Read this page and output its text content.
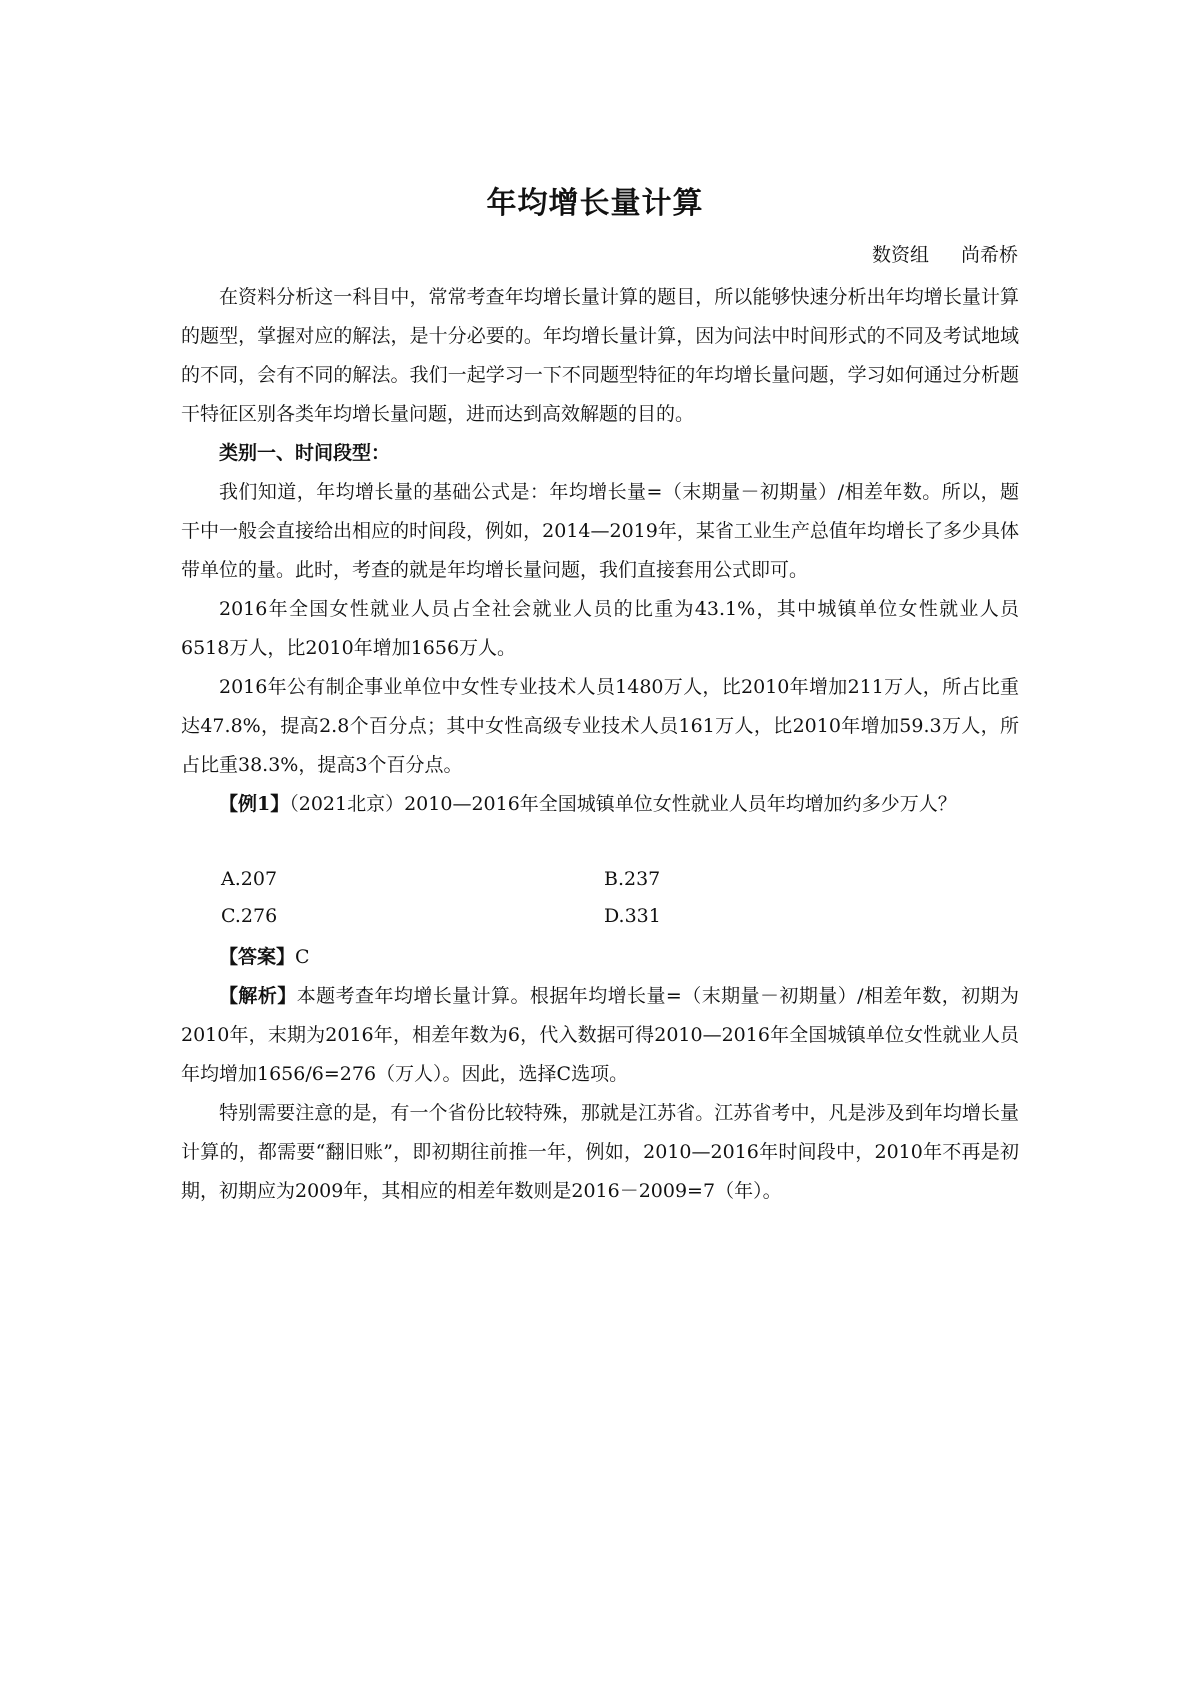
年均增长量计算
数资组 尚希桥

在资料分析这一科目中，常常考查年均增长量计算的题目，所以能够快速分析出年均增长量计算的题型，掌握对应的解法，是十分必要的。年均增长量计算，因为问法中时间形式的不同及考试地域的不同，会有不同的解法。我们一起学习一下不同题型特征的年均增长量问题，学习如何通过分析题干特征区别各类年均增长量问题，进而达到高效解题的目的。

类别一、时间段型：

我们知道，年均增长量的基础公式是：年均增长量=（末期量－初期量）/相差年数。所以，题干中一般会直接给出相应的时间段，例如，2014—2019年，某省工业生产总值年均增长了多少具体带单位的量。此时，考查的就是年均增长量问题，我们直接套用公式即可。

2016年全国女性就业人员占全社会就业人员的比重为43.1%，其中城镇单位女性就业人员6518万人，比2010年增加1656万人。

2016年公有制企事业单位中女性专业技术人员1480万人，比2010年增加211万人，所占比重达47.8%，提高2.8个百分点；其中女性高级专业技术人员161万人，比2010年增加59.3万人，所占比重38.3%，提高3个百分点。

【例1】（2021北京）2010—2016年全国城镇单位女性就业人员年均增加约多少万人？

A.207	B.237
C.276	D.331

【答案】C

【解析】本题考查年均增长量计算。根据年均增长量=（末期量－初期量）/相差年数，初期为2010年，末期为2016年，相差年数为6，代入数据可得2010—2016年全国城镇单位女性就业人员年均增加1656/6=276（万人）。因此，选择C选项。

特别需要注意的是，有一个省份比较特殊，那就是江苏省。江苏省考中，凡是涉及到年均增长量计算的，都需要“翻旧账”，即初期往前推一年，例如，2010—2016年时间段中，2010年不再是初期，初期应为2009年，其相应的相差年数则是2016－2009=7（年）。
